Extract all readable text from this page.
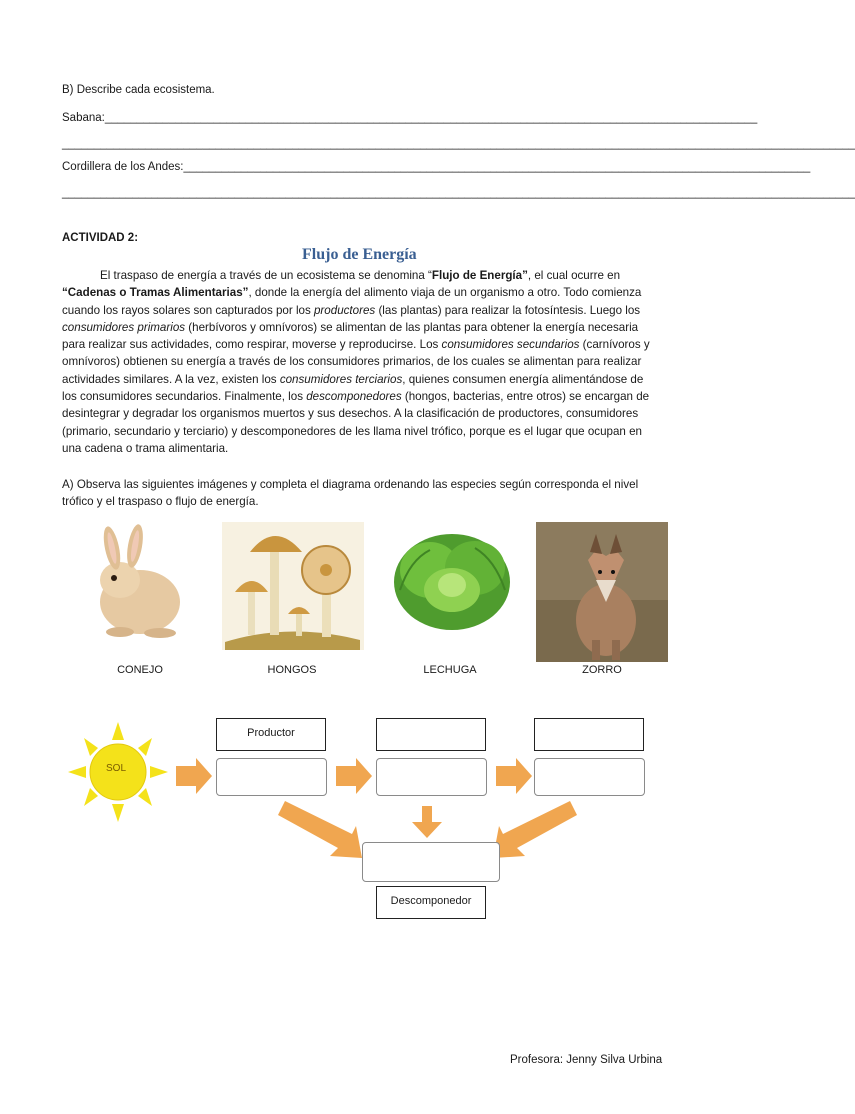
B) Describe cada ecosistema.
Sabana:______________________________________________________________________________________________________
____________________________________________________________________________________________________________________________
Cordillera de los Andes:__________________________________________________________________________________________________
____________________________________________________________________________________________________________________________
ACTIVIDAD 2:
Flujo de Energía
El traspaso de energía a través de un ecosistema se denomina “Flujo de Energía”, el cual ocurre en
“Cadenas o Tramas Alimentarias”, donde la energía del alimento viaja de un organismo a otro. Todo comienza
cuando los rayos solares son capturados por los productores (las plantas) para realizar la fotosíntesis. Luego los
consumidores primarios (herbívoros y omnívoros) se alimentan de las plantas para obtener la energía necesaria
para realizar sus actividades, como respirar, moverse y reproducirse. Los consumidores secundarios (carnívoros y
omnívoros) obtienen su energía a través de los consumidores primarios, de los cuales se alimentan para realizar
actividades similares. A la vez, existen los consumidores terciarios, quienes consumen energía alimentándose de
los consumidores secundarios. Finalmente, los descomponedores (hongos, bacterias, entre otros) se encargan de
desintegrar y degradar los organismos muertos y sus desechos. A la clasificación de productores, consumidores
(primario, secundario y terciario) y descomponedores de les llama nivel trófico, porque es el lugar que ocupan en
una cadena o trama alimentaria.
A) Observa las siguientes imágenes y completa el diagrama ordenando las especies según corresponda el nivel
trófico y el traspaso o flujo de energía.
CONEJO	HONGOS	LECHUGA	ZORRO
SOL
Productor
Descomponedor
Profesora: Jenny Silva Urbina
